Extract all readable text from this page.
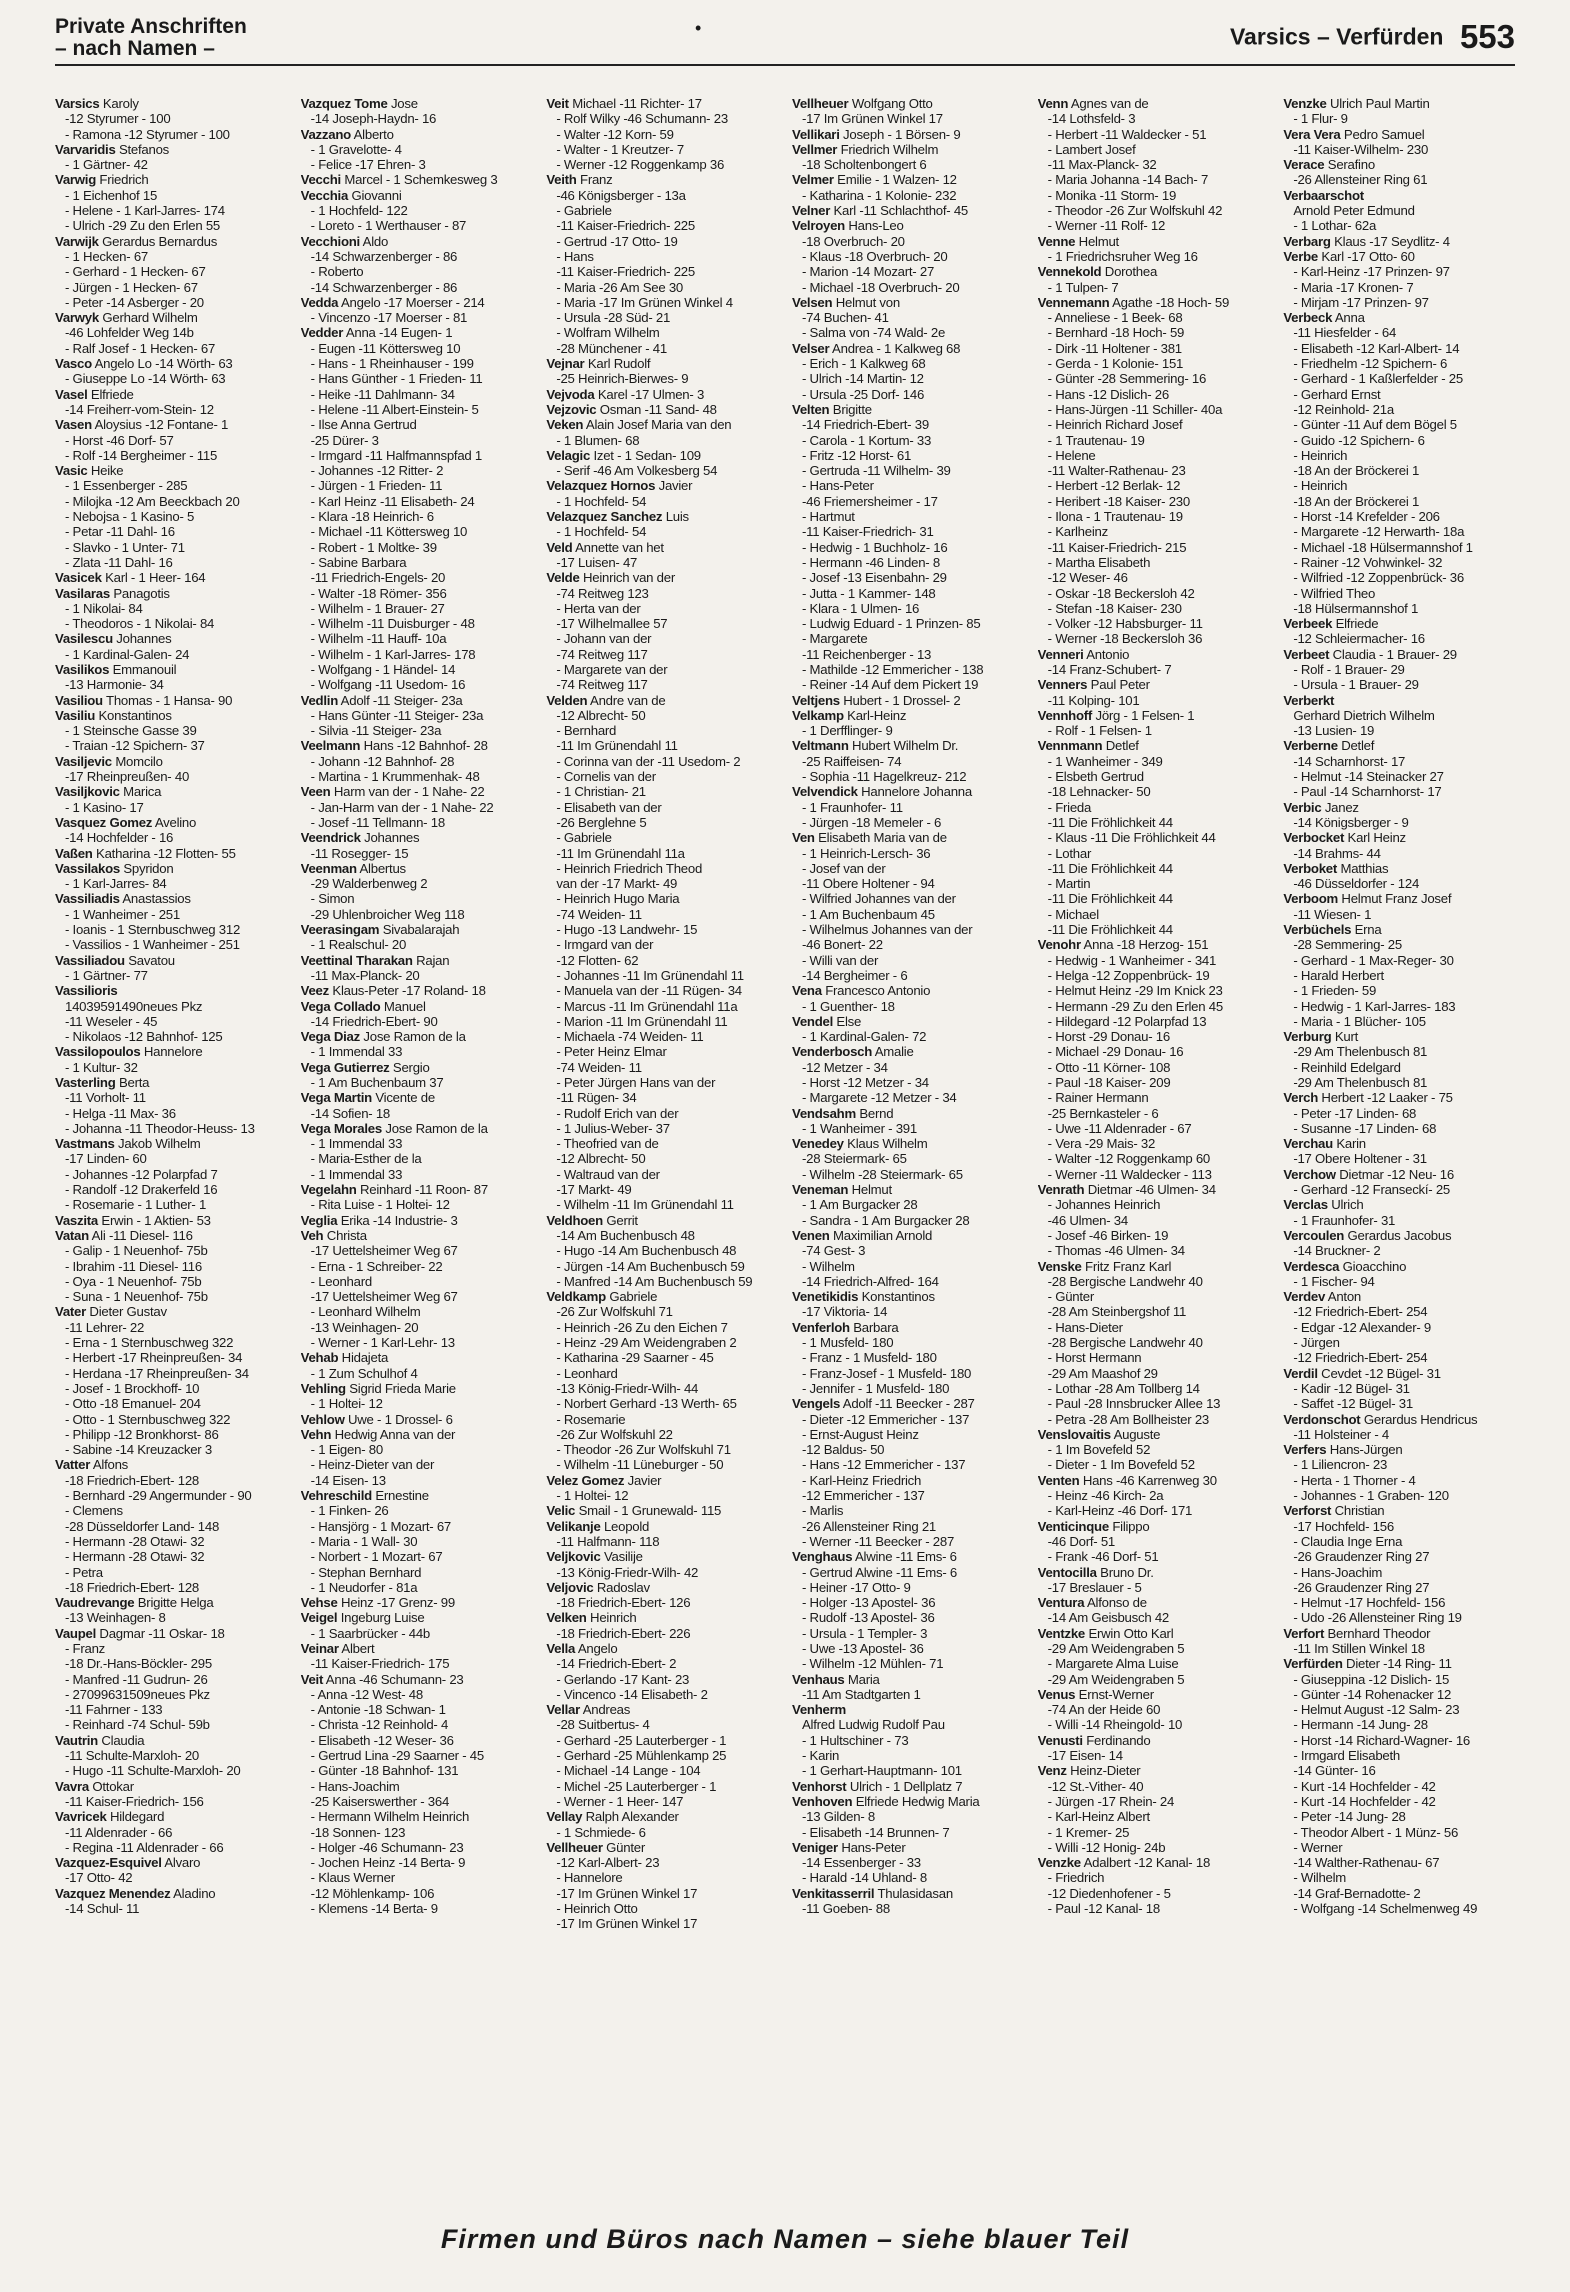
Private Anschriften
– nach Namen –
•	Varsics – Verfürden 553
Varsics Karoly
-12 Styrumer - 100
- Ramona -12 Styrumer - 100
Varvaridis Stefanos
- 1 Gärtner- 42
Varwig Friedrich
- 1 Eichenhof 15
- Helene - 1 Karl-Jarres- 174
- Ulrich -29 Zu den Erlen 55
Varwijk Gerardus Bernardus
- 1 Hecken- 67
- Gerhard - 1 Hecken- 67
- Jürgen - 1 Hecken- 67
- Peter -14 Asberger - 20
Varwyk Gerhard Wilhelm
-46 Lohfelder Weg 14b
- Ralf Josef - 1 Hecken- 67
Vasco Angelo Lo -14 Wörth- 63
- Giuseppe Lo -14 Wörth- 63
Vasel Elfriede
-14 Freiherr-vom-Stein- 12
Vasen Aloysius -12 Fontane- 1
- Horst -46 Dorf- 57
- Rolf -14 Bergheimer - 115
Vasic Heike
- 1 Essenberger - 285
- Milojka -12 Am Beeckbach 20
- Nebojsa - 1 Kasino- 5
- Petar -11 Dahl- 16
- Slavko - 1 Unter- 71
- Zlata -11 Dahl- 16
Vasicek Karl - 1 Heer- 164
Vasilaras Panagotis
- 1 Nikolai- 84
- Theodoros - 1 Nikolai- 84
Vasilescu Johannes
- 1 Kardinal-Galen- 24
Vasilikos Emmanouil
-13 Harmonie- 34
Vasiliou Thomas - 1 Hansa- 90
Vasiliu Konstantinos
- 1 Steinsche Gasse 39
- Traian -12 Spichern- 37
Vasiljevic Momcilo
-17 Rheinpreußen- 40
Vasiljkovic Marica
- 1 Kasino- 17
Vasquez Gomez Avelino
-14 Hochfelder - 16
Vaßen Katharina -12 Flotten- 55
Vassilakos Spyridon
- 1 Karl-Jarres- 84
Vassiliadis Anastassios
- 1 Wanheimer - 251
- Ioanis - 1 Sternbuschweg 312
- Vassilios - 1 Wanheimer - 251
Vassiliadou Savatou
- 1 Gärtner- 77
Vassilioris
14039591490neues Pkz
-11 Weseler - 45
- Nikolaos -12 Bahnhof- 125
Vassilopoulos Hannelore
- 1 Kultur- 32
Vasterling Berta
-11 Vorholt- 11
- Helga -11 Max- 36
- Johanna -11 Theodor-Heuss- 13
Vastmans Jakob Wilhelm
-17 Linden- 60
- Johannes -12 Polarpfad 7
- Randolf -12 Drakerfeld 16
- Rosemarie - 1 Luther- 1
Vaszita Erwin - 1 Aktien- 53
Vatan Ali -11 Diesel- 116
- Galip - 1 Neuenhof- 75b
- Ibrahim -11 Diesel- 116
- Oya - 1 Neuenhof- 75b
- Suna - 1 Neuenhof- 75b
Vater Dieter Gustav
-11 Lehrer- 22
- Erna - 1 Sternbuschweg 322
- Herbert -17 Rheinpreußen- 34
- Herdana -17 Rheinpreußen- 34
- Josef - 1 Brockhoff- 10
- Otto -18 Emanuel- 204
- Otto - 1 Sternbuschweg 322
- Philipp -12 Bronkhorst- 86
- Sabine -14 Kreuzacker 3
Vatter Alfons
-18 Friedrich-Ebert- 128
- Bernhard -29 Angermunder - 90
- Clemens
-28 Düsseldorfer Land- 148
- Hermann -28 Otawi- 32
- Hermann -28 Otawi- 32
- Petra
-18 Friedrich-Ebert- 128
Vaudrevange Brigitte Helga
-13 Weinhagen- 8
Vaupel Dagmar -11 Oskar- 18
- Franz
-18 Dr.-Hans-Böckler- 295
- Manfred -11 Gudrun- 26
- 27099631509neues Pkz
-11 Fahrner - 133
- Reinhard -74 Schul- 59b
Vautrin Claudia
-11 Schulte-Marxloh- 20
- Hugo -11 Schulte-Marxloh- 20
Vavra Ottokar
-11 Kaiser-Friedrich- 156
Vavricek Hildegard
-11 Aldenrader - 66
- Regina -11 Aldenrader - 66
Vazquez-Esquivel Alvaro
-17 Otto- 42
Vazquez Menendez Aladino
-14 Schul- 11
Vazquez Tome Jose
-14 Joseph-Haydn- 16
Vazzano Alberto
- 1 Gravelotte- 4
- Felice -17 Ehren- 3
Vecchi Marcel - 1 Schemkesweg 3
Vecchia Giovanni
- 1 Hochfeld- 122
- Loreto - 1 Werthauser - 87
Vecchioni Aldo
-14 Schwarzenberger - 86
- Roberto
-14 Schwarzenberger - 86
Vedda Angelo -17 Moerser - 214
- Vincenzo -17 Moerser - 81
Vedder Anna -14 Eugen- 1
- Eugen -11 Köttersweg 10
- Hans - 1 Rheinhauser - 199
- Hans Günther - 1 Frieden- 11
- Heike -11 Dahlmann- 34
- Helene -11 Albert-Einstein- 5
- Ilse Anna Gertrud
-25 Dürer- 3
- Irmgard -11 Halfmannspfad 1
- Johannes -12 Ritter- 2
- Jürgen - 1 Frieden- 11
- Karl Heinz -11 Elisabeth- 24
- Klara -18 Heinrich- 6
- Michael -11 Köttersweg 10
- Robert - 1 Moltke- 39
- Sabine Barbara
-11 Friedrich-Engels- 20
- Walter -18 Römer- 356
- Wilhelm - 1 Brauer- 27
- Wilhelm -11 Duisburger - 48
- Wilhelm -11 Hauff- 10a
- Wilhelm - 1 Karl-Jarres- 178
- Wolfgang - 1 Händel- 14
- Wolfgang -11 Usedom- 16
Vedlin Adolf -11 Steiger- 23a
- Hans Günter -11 Steiger- 23a
- Silvia -11 Steiger- 23a
Veelmann Hans -12 Bahnhof- 28
- Johann -12 Bahnhof- 28
- Martina - 1 Krummenhak- 48
Veen Harm van der - 1 Nahe- 22
- Jan-Harm van der - 1 Nahe- 22
- Josef -11 Tellmann- 18
Veendrick Johannes
-11 Rosegger- 15
Veenman Albertus
-29 Walderbenweg 2
- Simon
-29 Uhlenbroicher Weg 118
Veerasingam Sivabalarajah
- 1 Realschul- 20
Veettinal Tharakan Rajan
-11 Max-Planck- 20
Veez Klaus-Peter -17 Roland- 18
Vega Collado Manuel
-14 Friedrich-Ebert- 90
Vega Diaz Jose Ramon de la
- 1 Immendal 33
Vega Gutierrez Sergio
- 1 Am Buchenbaum 37
Vega Martin Vicente de
-14 Sofien- 18
Vega Morales Jose Ramon de la
- 1 Immendal 33
- Maria-Esther de la
- 1 Immendal 33
Vegelahn Reinhard -11 Roon- 87
- Rita Luise - 1 Holtei- 12
Veglia Erika -14 Industrie- 3
Veh Christa
-17 Uettelsheimer Weg 67
- Erna - 1 Schreiber- 22
- Leonhard
-17 Uettelsheimer Weg 67
- Leonhard Wilhelm
-13 Weinhagen- 20
- Werner - 1 Karl-Lehr- 13
Vehab Hidajeta
- 1 Zum Schulhof 4
Vehling Sigrid Frieda Marie
- 1 Holtei- 12
Vehlow Uwe - 1 Drossel- 6
Vehn Hedwig Anna van der
- 1 Eigen- 80
- Heinz-Dieter van der
-14 Eisen- 13
Vehreschild Ernestine
- 1 Finken- 26
- Hansjörg - 1 Mozart- 67
- Maria - 1 Wall- 30
- Norbert - 1 Mozart- 67
- Stephan Bernhard
- 1 Neudorfer - 81a
Vehse Heinz -17 Grenz- 99
Veigel Ingeburg Luise
- 1 Saarbrücker - 44b
Veinar Albert
-11 Kaiser-Friedrich- 175
Veit Anna -46 Schumann- 23
- Anna -12 West- 48
- Antonie -18 Schwan- 1
- Christa -12 Reinhold- 4
- Elisabeth -12 Weser- 36
- Gertrud Lina -29 Saarner - 45
- Günter -18 Bahnhof- 131
- Hans-Joachim
-25 Kaiserswerther - 364
- Hermann Wilhelm Heinrich
-18 Sonnen- 123
- Holger -46 Schumann- 23
- Jochen Heinz -14 Berta- 9
- Klaus Werner
-12 Möhlenkamp- 106
- Klemens -14 Berta- 9
Veit Michael -11 Richter- 17
- Rolf Wilky -46 Schumann- 23
- Walter -12 Korn- 59
- Walter - 1 Kreutzer- 7
- Werner -12 Roggenkamp 36
Veith Franz
-46 Königsberger - 13a
- Gabriele
-11 Kaiser-Friedrich- 225
- Gertrud -17 Otto- 19
- Hans
-11 Kaiser-Friedrich- 225
- Maria -26 Am See 30
- Maria -17 Im Grünen Winkel 4
- Ursula -28 Süd- 21
- Wolfram Wilhelm
-28 Münchener - 41
Vejnar Karl Rudolf
-25 Heinrich-Bierwes- 9
Vejvoda Karel -17 Ulmen- 3
Vejzovic Osman -11 Sand- 48
Veken Alain Josef Maria van den
- 1 Blumen- 68
Velagic Izet - 1 Sedan- 109
- Serif -46 Am Volkesberg 54
Velazquez Hornos Javier
- 1 Hochfeld- 54
Velazquez Sanchez Luis
- 1 Hochfeld- 54
Veld Annette van het
-17 Luisen- 47
Velde Heinrich van der
-74 Reitweg 123
- Herta van der
-17 Wilhelmallee 57
- Johann van der
-74 Reitweg 117
- Margarete van der
-74 Reitweg 117
Velden Andre van de
-12 Albrecht- 50
- Bernhard
-11 Im Grünendahl 11
- Corinna van der -11 Usedom- 2
- Cornelis van der
- 1 Christian- 21
- Elisabeth van der
-26 Berglehne 5
- Gabriele
-11 Im Grünendahl 11a
- Heinrich Friedrich Theod
van der -17 Markt- 49
- Heinrich Hugo Maria
-74 Weiden- 11
- Hugo -13 Landwehr- 15
- Irmgard van der
-12 Flotten- 62
- Johannes -11 Im Grünendahl 11
- Manuela van der -11 Rügen- 34
- Marcus -11 Im Grünendahl 11a
- Marion -11 Im Grünendahl 11
- Michaela -74 Weiden- 11
- Peter Heinz Elmar
-74 Weiden- 11
- Peter Jürgen Hans van der
-11 Rügen- 34
- Rudolf Erich van der
- 1 Julius-Weber- 37
- Theofried van de
-12 Albrecht- 50
- Waltraud van der
-17 Markt- 49
- Wilhelm -11 Im Grünendahl 11
Veldhoen Gerrit
-14 Am Buchenbusch 48
- Hugo -14 Am Buchenbusch 48
- Jürgen -14 Am Buchenbusch 59
- Manfred -14 Am Buchenbusch 59
Veldkamp Gabriele
-26 Zur Wolfskuhl 71
- Heinrich -26 Zu den Eichen 7
- Heinz -29 Am Weidengraben 2
- Katharina -29 Saarner - 45
- Leonhard
-13 König-Friedr-Wilh- 44
- Norbert Gerhard -13 Werth- 65
- Rosemarie
-26 Zur Wolfskuhl 22
- Theodor -26 Zur Wolfskuhl 71
- Wilhelm -11 Lüneburger - 50
Velez Gomez Javier
- 1 Holtei- 12
Velic Smail - 1 Grunewald- 115
Velikanje Leopold
-11 Halfmann- 118
Veljkovic Vasilije
-13 König-Friedr-Wilh- 42
Veljovic Radoslav
-18 Friedrich-Ebert- 126
Velken Heinrich
-18 Friedrich-Ebert- 226
Vella Angelo
-14 Friedrich-Ebert- 2
- Gerlando -17 Kant- 23
- Vincenco -14 Elisabeth- 2
Vellar Andreas
-28 Suitbertus- 4
- Gerhard -25 Lauterberger - 1
- Gerhard -25 Mühlenkamp 25
- Michael -14 Lange - 104
- Michel -25 Lauterberger - 1
- Werner - 1 Heer- 147
Vellay Ralph Alexander
- 1 Schmiede- 6
Vellheuer Günter
-12 Karl-Albert- 23
- Hannelore
-17 Im Grünen Winkel 17
- Heinrich Otto
-17 Im Grünen Winkel 17
Vellheuer Wolfgang Otto
-17 Im Grünen Winkel 17
Vellikari Joseph - 1 Börsen- 9
Vellmer Friedrich Wilhelm
-18 Scholtenbongert 6
Velmer Emilie - 1 Walzen- 12
- Katharina - 1 Kolonie- 232
Velner Karl -11 Schlachthof- 45
Velroyen Hans-Leo
-18 Overbruch- 20
- Klaus -18 Overbruch- 20
- Marion -14 Mozart- 27
- Michael -18 Overbruch- 20
Velsen Helmut von
-74 Buchen- 41
- Salma von -74 Wald- 2e
Velser Andrea - 1 Kalkweg 68
- Erich - 1 Kalkweg 68
- Ulrich -14 Martin- 12
- Ursula -25 Dorf- 146
Velten Brigitte
-14 Friedrich-Ebert- 39
- Carola - 1 Kortum- 33
- Fritz -12 Horst- 61
- Gertruda -11 Wilhelm- 39
- Hans-Peter
-46 Friemersheimer - 17
- Hartmut
-11 Kaiser-Friedrich- 31
- Hedwig - 1 Buchholz- 16
- Hermann -46 Linden- 8
- Josef -13 Eisenbahn- 29
- Jutta - 1 Kammer- 148
- Klara - 1 Ulmen- 16
- Ludwig Eduard - 1 Prinzen- 85
- Margarete
-11 Reichenberger - 13
- Mathilde -12 Emmericher - 138
- Reiner -14 Auf dem Pickert 19
Veltjens Hubert - 1 Drossel- 2
Velkamp Karl-Heinz
- 1 Derfflinger- 9
Veltmann Hubert Wilhelm Dr.
-25 Raiffeisen- 74
- Sophia -11 Hagelkreuz- 212
Velvendick Hannelore Johanna
- 1 Fraunhofer- 11
- Jürgen -18 Memeler - 6
Ven Elisabeth Maria van de
- 1 Heinrich-Lersch- 36
- Josef van der
-11 Obere Holtener - 94
- Wilfried Johannes van der
- 1 Am Buchenbaum 45
- Wilhelmus Johannes van der
-46 Bonert- 22
- Willi van der
-14 Bergheimer - 6
Vena Francesco Antonio
- 1 Guenther- 18
Vendel Else
- 1 Kardinal-Galen- 72
Venderbosch Amalie
-12 Metzer - 34
- Horst -12 Metzer - 34
- Margarete -12 Metzer - 34
Vendsahm Bernd
- 1 Wanheimer - 391
Venedey Klaus Wilhelm
-28 Steiermark- 65
- Wilhelm -28 Steiermark- 65
Veneman Helmut
- 1 Am Burgacker 28
- Sandra - 1 Am Burgacker 28
Venen Maximilian Arnold
-74 Gest- 3
- Wilhelm
-14 Friedrich-Alfred- 164
Venetikidis Konstantinos
-17 Viktoria- 14
Venferloh Barbara
- 1 Musfeld- 180
- Franz - 1 Musfeld- 180
- Franz-Josef - 1 Musfeld- 180
- Jennifer - 1 Musfeld- 180
Vengels Adolf -11 Beecker - 287
- Dieter -12 Emmericher - 137
- Ernst-August Heinz
-12 Baldus- 50
- Hans -12 Emmericher - 137
- Karl-Heinz Friedrich
-12 Emmericher - 137
- Marlis
-26 Allensteiner Ring 21
- Werner -11 Beecker - 287
Venghaus Alwine -11 Ems- 6
- Gertrud Alwine -11 Ems- 6
- Heiner -17 Otto- 9
- Holger -13 Apostel- 36
- Rudolf -13 Apostel- 36
- Ursula - 1 Templer- 3
- Uwe -13 Apostel- 36
- Wilhelm -12 Mühlen- 71
Venhaus Maria
-11 Am Stadtgarten 1
Venherm
Alfred Ludwig Rudolf Pau
- 1 Hultschiner - 73
- Karin
- 1 Gerhart-Hauptmann- 101
Venhorst Ulrich - 1 Dellplatz 7
Venhoven Elfriede Hedwig Maria
-13 Gilden- 8
- Elisabeth -14 Brunnen- 7
Veniger Hans-Peter
-14 Essenberger - 33
- Harald -14 Uhland- 8
Venkitasserril Thulasidasan
-11 Goeben- 88
Venn Agnes van de
-14 Lothsfeld- 3
- Herbert -11 Waldecker - 51
- Lambert Josef
-11 Max-Planck- 32
- Maria Johanna -14 Bach- 7
- Monika -11 Storm- 19
- Theodor -26 Zur Wolfskuhl 42
- Werner -11 Rolf- 12
Venne Helmut
- 1 Friedrichsruher Weg 16
Vennekold Dorothea
- 1 Tulpen- 7
Vennemann Agathe -18 Hoch- 59
- Anneliese - 1 Beek- 68
- Bernhard -18 Hoch- 59
- Dirk -11 Holtener - 381
- Gerda - 1 Kolonie- 151
- Günter -28 Semmering- 16
- Hans -12 Dislich- 26
- Hans-Jürgen -11 Schiller- 40a
- Heinrich Richard Josef
- 1 Trautenau- 19
- Helene
-11 Walter-Rathenau- 23
- Herbert -12 Berlak- 12
- Heribert -18 Kaiser- 230
- Ilona - 1 Trautenau- 19
- Karlheinz
-11 Kaiser-Friedrich- 215
- Martha Elisabeth
-12 Weser- 46
- Oskar -18 Beckersloh 42
- Stefan -18 Kaiser- 230
- Volker -12 Habsburger- 11
- Werner -18 Beckersloh 36
Venneri Antonio
-14 Franz-Schubert- 7
Venners Paul Peter
-11 Kolping- 101
Vennhoff Jörg - 1 Felsen- 1
- Rolf - 1 Felsen- 1
Vennmann Detlef
- 1 Wanheimer - 349
- Elsbeth Gertrud
-18 Lehnacker- 50
- Frieda
-11 Die Fröhlichkeit 44
- Klaus -11 Die Fröhlichkeit 44
- Lothar
-11 Die Fröhlichkeit 44
- Martin
-11 Die Fröhlichkeit 44
- Michael
-11 Die Fröhlichkeit 44
Venohr Anna -18 Herzog- 151
- Hedwig - 1 Wanheimer - 341
- Helga -12 Zoppenbrück- 19
- Helmut Heinz -29 Im Knick 23
- Hermann -29 Zu den Erlen 45
- Hildegard -12 Polarpfad 13
- Horst -29 Donau- 16
- Michael -29 Donau- 16
- Otto -11 Körner- 108
- Paul -18 Kaiser- 209
- Rainer Hermann
-25 Bernkasteler - 6
- Uwe -11 Aldenrader - 67
- Vera -29 Mais- 32
- Walter -12 Roggenkamp 60
- Werner -11 Waldecker - 113
Venrath Dietmar -46 Ulmen- 34
- Johannes Heinrich
-46 Ulmen- 34
- Josef -46 Birken- 19
- Thomas -46 Ulmen- 34
Venske Fritz Franz Karl
-28 Bergische Landwehr 40
- Günter
-28 Am Steinbergshof 11
- Hans-Dieter
-28 Bergische Landwehr 40
- Horst Hermann
-29 Am Maashof 29
- Lothar -28 Am Tollberg 14
- Paul -28 Innsbrucker Allee 13
- Petra -28 Am Bollheister 23
Venslovaitis Auguste
- 1 Im Bovefeld 52
- Dieter - 1 Im Bovefeld 52
Venten Hans -46 Karrenweg 30
- Heinz -46 Kirch- 2a
- Karl-Heinz -46 Dorf- 171
Venticinque Filippo
-46 Dorf- 51
- Frank -46 Dorf- 51
Ventocilla Bruno Dr.
-17 Breslauer - 5
Ventura Alfonso de
-14 Am Geisbusch 42
Ventzke Erwin Otto Karl
-29 Am Weidengraben 5
- Margarete Alma Luise
-29 Am Weidengraben 5
Venus Ernst-Werner
-74 An der Heide 60
- Willi -14 Rheingold- 10
Venusti Ferdinando
-17 Eisen- 14
Venz Heinz-Dieter
-12 St.-Vither- 40
- Jürgen -17 Rhein- 24
- Karl-Heinz Albert
- 1 Kremer- 25
- Willi -12 Honig- 24b
Venzke Adalbert -12 Kanal- 18
- Friedrich
-12 Diedenhofener - 5
- Paul -12 Kanal- 18
Venzke Ulrich Paul Martin
- 1 Flur- 9
Vera Vera Pedro Samuel
-11 Kaiser-Wilhelm- 230
Verace Serafino
-26 Allensteiner Ring 61
Verbaarschot
Arnold Peter Edmund
- 1 Lothar- 62a
Verbarg Klaus -17 Seydlitz- 4
Verbe Karl -17 Otto- 60
- Karl-Heinz -17 Prinzen- 97
- Maria -17 Kronen- 7
- Mirjam -17 Prinzen- 97
Verbeck Anna
-11 Hiesfelder - 64
- Elisabeth -12 Karl-Albert- 14
- Friedhelm -12 Spichern- 6
- Gerhard - 1 Kaßlerfelder - 25
- Gerhard Ernst
-12 Reinhold- 21a
- Günter -11 Auf dem Bögel 5
- Guido -12 Spichern- 6
- Heinrich
-18 An der Bröckerei 1
- Heinrich
-18 An der Bröckerei 1
- Horst -14 Krefelder - 206
- Margarete -12 Herwarth- 18a
- Michael -18 Hülsermannshof 1
- Rainer -12 Vohwinkel- 32
- Wilfried -12 Zoppenbrück- 36
- Wilfried Theo
-18 Hülsermannshof 1
Verbeek Elfriede
-12 Schleiermacher- 16
Verbeet Claudia - 1 Brauer- 29
- Rolf - 1 Brauer- 29
- Ursula - 1 Brauer- 29
Verberkt
Gerhard Dietrich Wilhelm
-13 Lusien- 19
Verberne Detlef
-14 Scharnhorst- 17
- Helmut -14 Steinacker 27
- Paul -14 Scharnhorst- 17
Verbic Janez
-14 Königsberger - 9
Verbocket Karl Heinz
-14 Brahms- 44
Verboket Matthias
-46 Düsseldorfer - 124
Verboom Helmut Franz Josef
-11 Wiesen- 1
Verbüchels Erna
-28 Semmering- 25
- Gerhard - 1 Max-Reger- 30
- Harald Herbert
- 1 Frieden- 59
- Hedwig - 1 Karl-Jarres- 183
- Maria - 1 Blücher- 105
Verburg Kurt
-29 Am Thelenbusch 81
- Reinhild Edelgard
-29 Am Thelenbusch 81
Verch Herbert -12 Laaker - 75
- Peter -17 Linden- 68
- Susanne -17 Linden- 68
Verchau Karin
-17 Obere Holtener - 31
Verchow Dietmar -12 Neu- 16
- Gerhard -12 Franseckí- 25
Verclas Ulrich
- 1 Fraunhofer- 31
Vercoulen Gerardus Jacobus
-14 Bruckner- 2
Verdesca Gioacchino
- 1 Fischer- 94
Verdev Anton
-12 Friedrich-Ebert- 254
- Edgar -12 Alexander- 9
- Jürgen
-12 Friedrich-Ebert- 254
Verdil Cevdet -12 Bügel- 31
- Kadir -12 Bügel- 31
- Saffet -12 Bügel- 31
Verdonschot Gerardus Hendricus
-11 Holsteiner - 4
Verfers Hans-Jürgen
- 1 Liliencron- 23
- Herta - 1 Thorner - 4
- Johannes - 1 Graben- 120
Verforst Christian
-17 Hochfeld- 156
- Claudia Inge Erna
-26 Graudenzer Ring 27
- Hans-Joachim
-26 Graudenzer Ring 27
- Helmut -17 Hochfeld- 156
- Udo -26 Allensteiner Ring 19
Verfort Bernhard Theodor
-11 Im Stillen Winkel 18
Verfürden Dieter -14 Ring- 11
- Giuseppina -12 Dislich- 15
- Günter -14 Rohenacker 12
- Helmut August -12 Salm- 23
- Hermann -14 Jung- 28
- Horst -14 Richard-Wagner- 16
- Irmgard Elisabeth
-14 Günter- 16
- Kurt -14 Hochfelder - 42
- Kurt -14 Hochfelder - 42
- Peter -14 Jung- 28
- Theodor Albert - 1 Münz- 56
- Werner
-14 Walther-Rathenau- 67
- Wilhelm
-14 Graf-Bernadotte- 2
- Wolfgang -14 Schelmenweg 49
Firmen und Büros nach Namen – siehe blauer Teil
